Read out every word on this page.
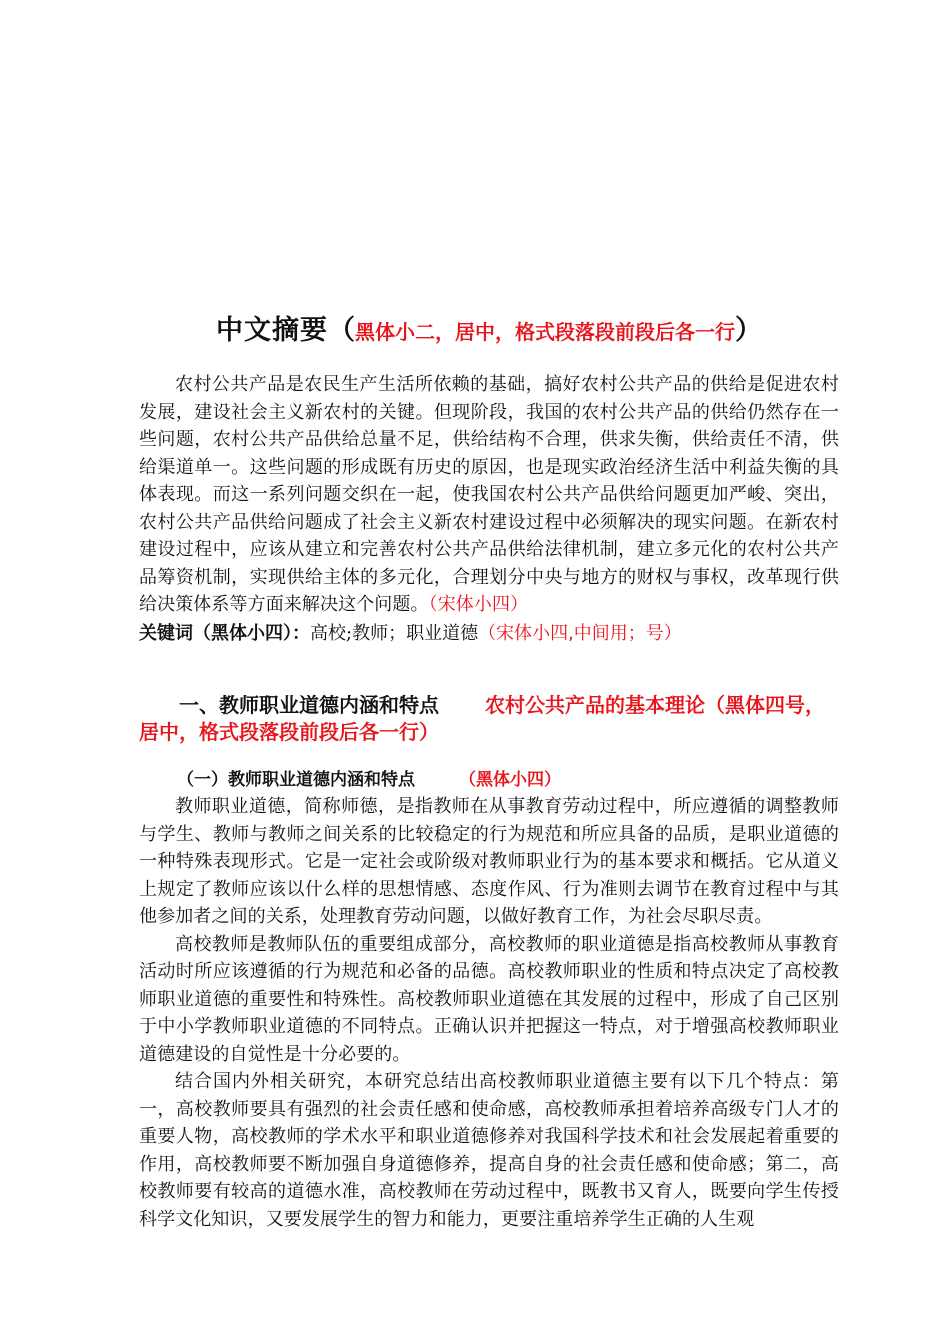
中文摘要（黑体小二，居中，格式段落段前段后各一行）

农村公共产品是农民生产生活所依赖的基础，搞好农村公共产品的供给是促进农村发展，建设社会主义新农村的关键。但现阶段，我国的农村公共产品的供给仍然存在一些问题，农村公共产品供给总量不足，供给结构不合理，供求失衡，供给责任不清，供给渠道单一。这些问题的形成既有历史的原因，也是现实政治经济生活中利益失衡的具体表现。而这一系列问题交织在一起，使我国农村公共产品供给问题更加严峻、突出，农村公共产品供给问题成了社会主义新农村建设过程中必须解决的现实问题。在新农村建设过程中，应该从建立和完善农村公共产品供给法律机制，建立多元化的农村公共产品筹资机制，实现供给主体的多元化，合理划分中央与地方的财权与事权，改革现行供给决策体系等方面来解决这个问题。（宋体小四）

关键词（黑体小四）：高校;教师；职业道德（宋体小四,中间用；号）
一、教师职业道德内涵和特点 农村公共产品的基本理论（黑体四号，居中，格式段落段前段后各一行）
（一）教师职业道德内涵和特点	（黑体小四）

教师职业道德，简称师德，是指教师在从事教育劳动过程中，所应遵循的调整教师与学生、教师与教师之间关系的比较稳定的行为规范和所应具备的品质，是职业道德的一种特殊表现形式。它是一定社会或阶级对教师职业行为的基本要求和概括。它从道义上规定了教师应该以什么样的思想情感、态度作风、行为准则去调节在教育过程中与其他参加者之间的关系，处理教育劳动问题，以做好教育工作，为社会尽职尽责。

高校教师是教师队伍的重要组成部分，高校教师的职业道德是指高校教师从事教育活动时所应该遵循的行为规范和必备的品德。高校教师职业的性质和特点决定了高校教师职业道德的重要性和特殊性。高校教师职业道德在其发展的过程中，形成了自己区别于中小学教师职业道德的不同特点。正确认识并把握这一特点，对于增强高校教师职业道德建设的自觉性是十分必要的。

结合国内外相关研究，本研究总结出高校教师职业道德主要有以下几个特点：第一，高校教师要具有强烈的社会责任感和使命感，高校教师承担着培养高级专门人才的重要人物，高校教师的学术水平和职业道德修养对我国科学技术和社会发展起着重要的作用，高校教师要不断加强自身道德修养，提高自身的社会责任感和使命感；第二，高校教师要有较高的道德水准，高校教师在劳动过程中，既教书又育人，既要向学生传授科学文化知识，又要发展学生的智力和能力，更要注重培养学生正确的人生观
